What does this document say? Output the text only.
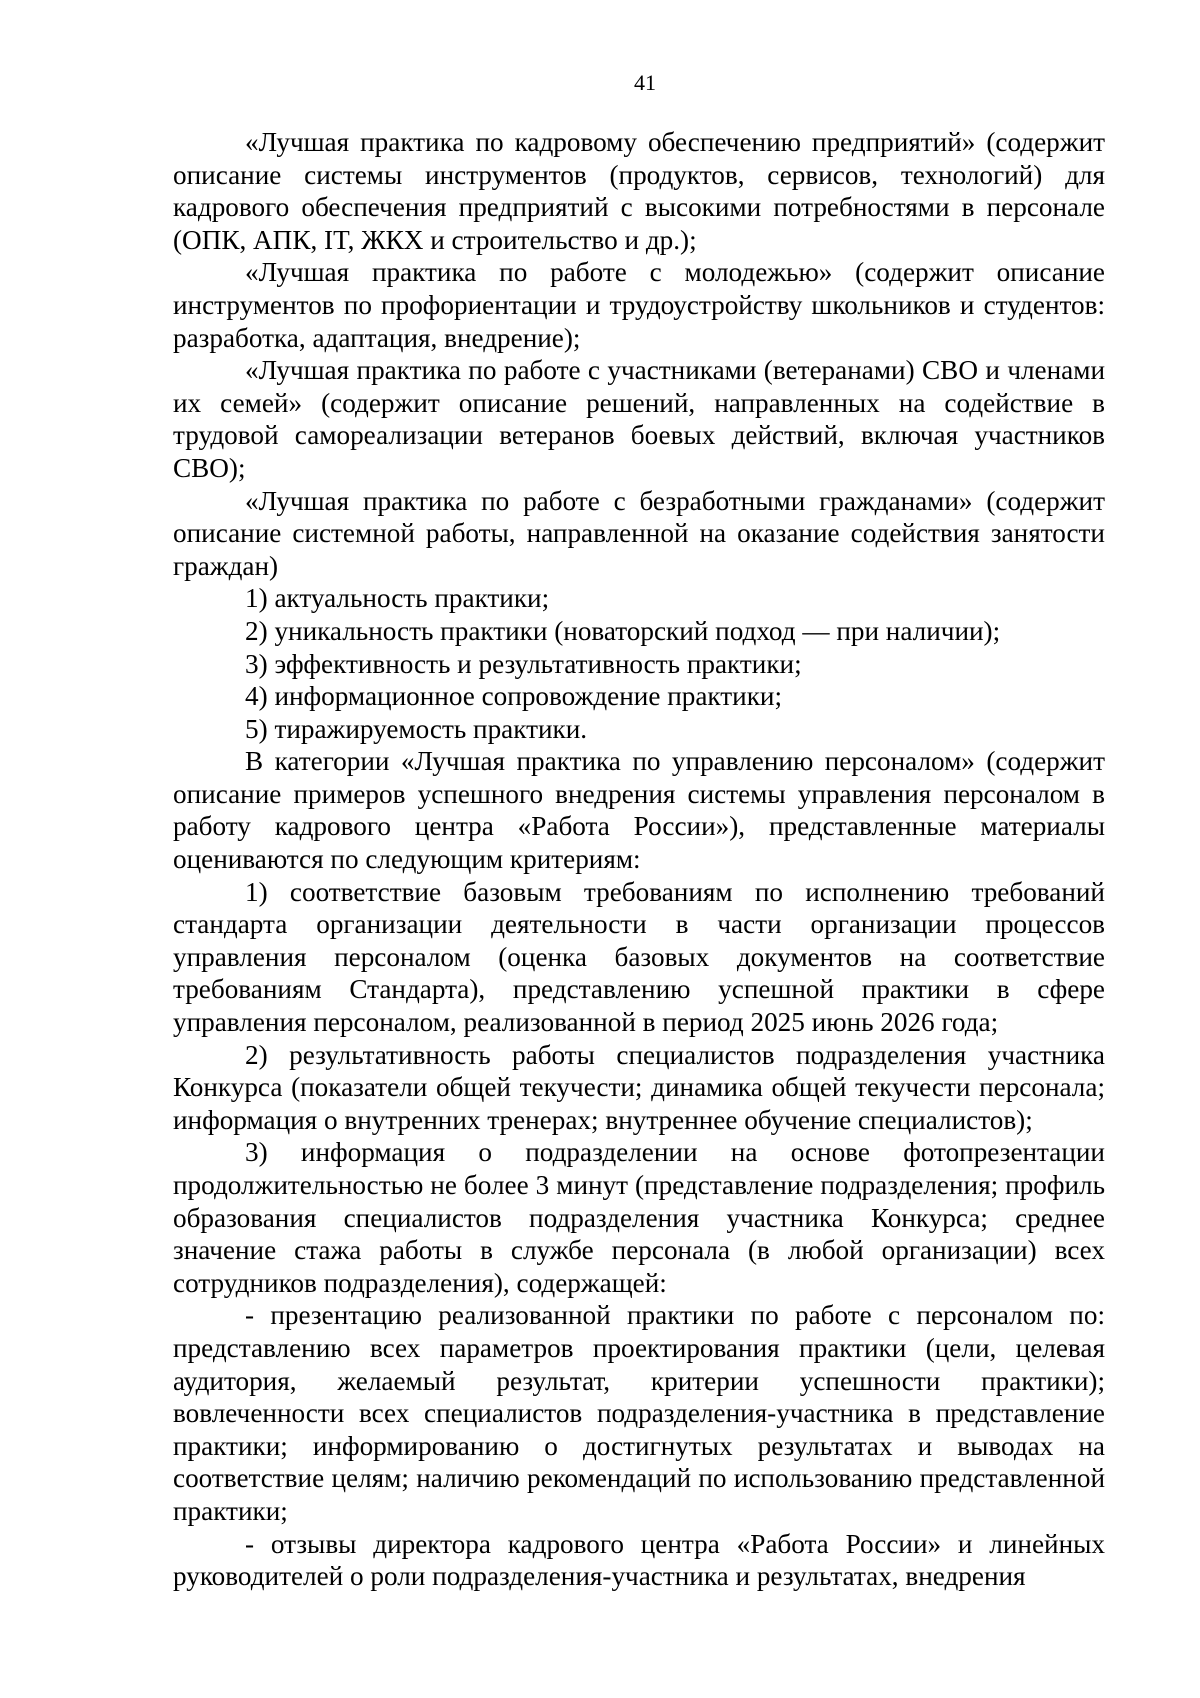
41

«Лучшая практика по кадровому обеспечению предприятий» (содержит описание системы инструментов (продуктов, сервисов, технологий) для кадрового обеспечения предприятий с высокими потребностями в персонале (ОПК, АПК, IT, ЖКХ и строительство и др.);

«Лучшая практика по работе с молодежью» (содержит описание инструментов по профориентации и трудоустройству школьников и студентов: разработка, адаптация, внедрение);

«Лучшая практика по работе с участниками (ветеранами) СВО и членами их семей» (содержит описание решений, направленных на содействие в трудовой самореализации ветеранов боевых действий, включая участников СВО);

«Лучшая практика по работе с безработными гражданами» (содержит описание системной работы, направленной на оказание содействия занятости граждан)

1) актуальность практики;

2) уникальность практики (новаторский подход — при наличии);

3) эффективность и результативность практики;

4) информационное сопровождение практики;

5) тиражируемость практики.

В категории «Лучшая практика по управлению персоналом» (содержит описание примеров успешного внедрения системы управления персоналом в работу кадрового центра «Работа России»), представленные материалы оцениваются по следующим критериям:

1) соответствие базовым требованиям по исполнению требований стандарта организации деятельности в части организации процессов управления персоналом (оценка базовых документов на соответствие требованиям Стандарта), представлению успешной практики в сфере управления персоналом, реализованной в период 2025 июнь 2026 года;

2) результативность работы специалистов подразделения участника Конкурса (показатели общей текучести; динамика общей текучести персонала; информация о внутренних тренерах; внутреннее обучение специалистов);

3) информация о подразделении на основе фотопрезентации продолжительностью не более 3 минут (представление подразделения; профиль образования специалистов подразделения участника Конкурса; среднее значение стажа работы в службе персонала (в любой организации) всех сотрудников подразделения), содержащей:

- презентацию реализованной практики по работе с персоналом по: представлению всех параметров проектирования практики (цели, целевая аудитория, желаемый результат, критерии успешности практики); вовлеченности всех специалистов подразделения-участника в представление практики; информированию о достигнутых результатах и выводах на соответствие целям; наличию рекомендаций по использованию представленной практики;

- отзывы директора кадрового центра «Работа России» и линейных руководителей о роли подразделения-участника и результатах, внедрения
